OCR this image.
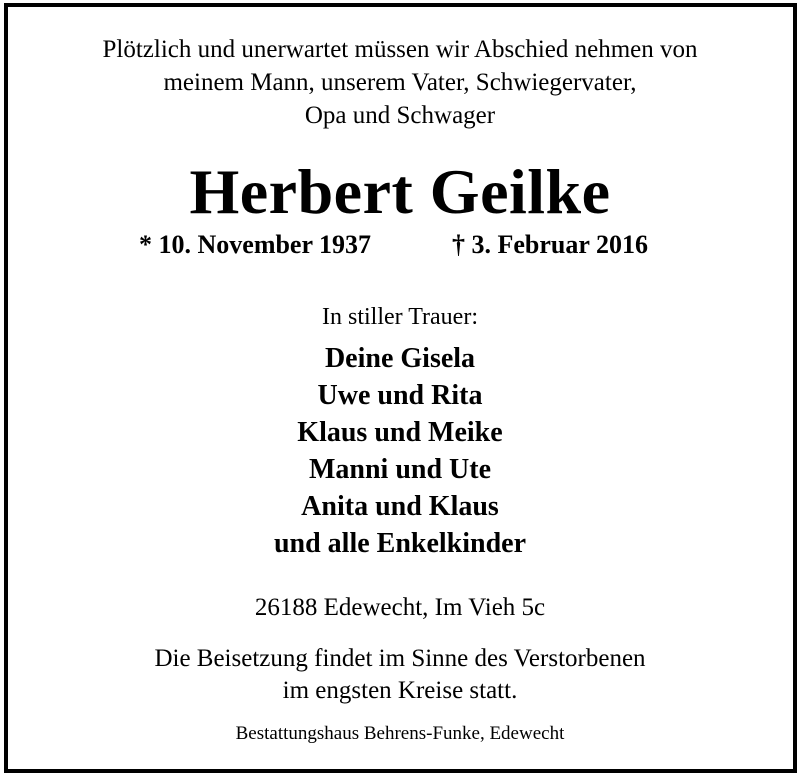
Plötzlich und unerwartet müssen wir Abschied nehmen von
meinem Mann, unserem Vater, Schwiegervater,
Opa und Schwager
Herbert Geilke
* 10. November 1937	† 3. Februar 2016
In stiller Trauer:
Deine Gisela
Uwe und Rita
Klaus und Meike
Manni und Ute
Anita und Klaus
und alle Enkelkinder
26188 Edewecht, Im Vieh 5c
Die Beisetzung findet im Sinne des Verstorbenen
im engsten Kreise statt.
Bestattungshaus Behrens-Funke, Edewecht
